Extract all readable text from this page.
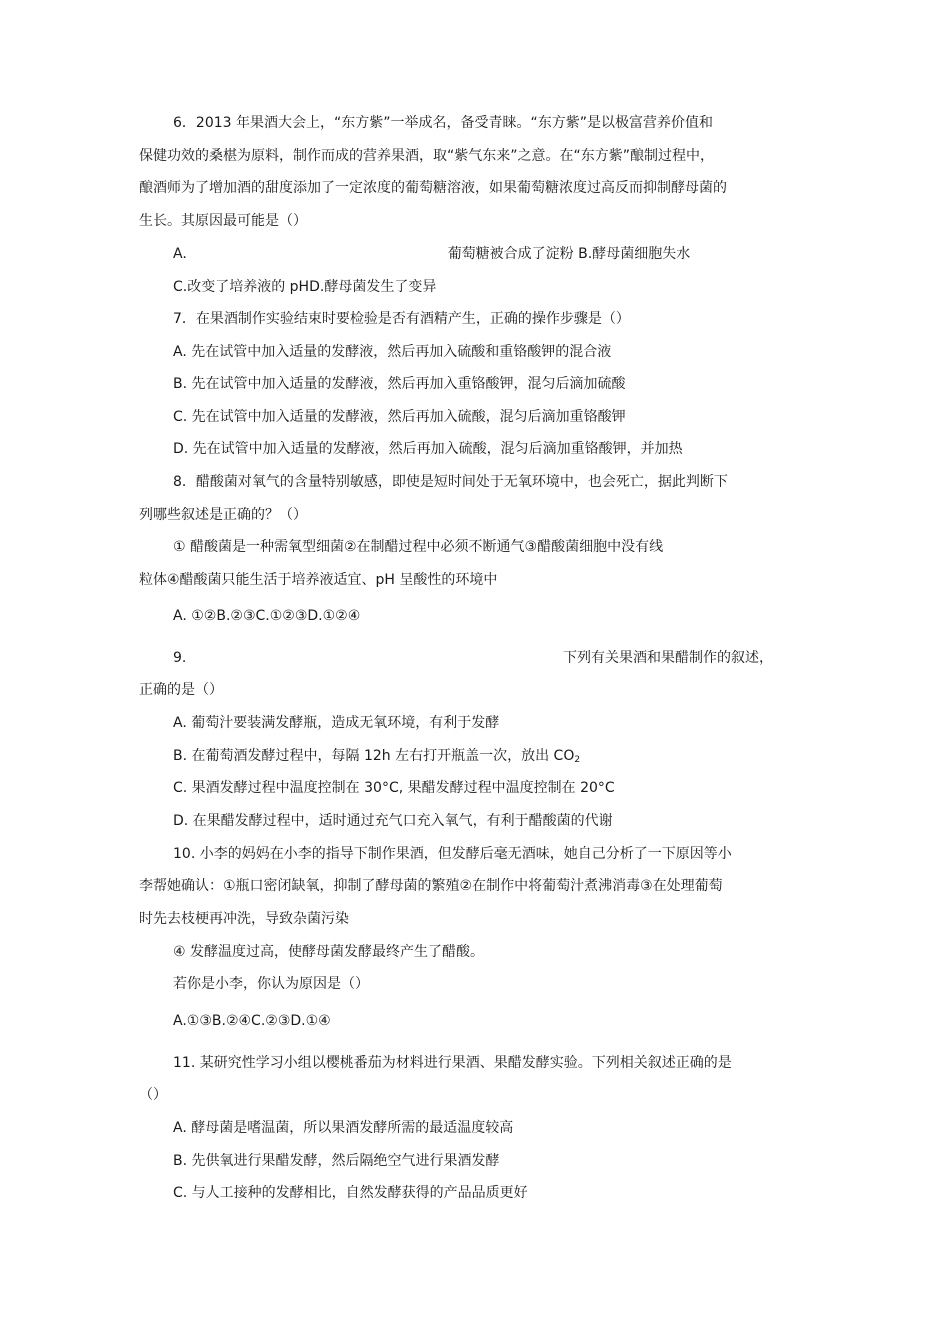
6．2013 年果酒大会上，“东方紫”一举成名，备受青睐。“东方紫”是以极富营养价值和
保健功效的桑椹为原料，制作而成的营养果酒，取“紫气东来”之意。在“东方紫”酿制过程中，
酿酒师为了增加酒的甜度添加了一定浓度的葡萄糖溶液，如果葡萄糖浓度过高反而抑制酵母菌的
生长。其原因最可能是（）
A.	葡萄糖被合成了淀粉 B.酵母菌细胞失水
C.改变了培养液的 pHD.酵母菌发生了变异
7．在果酒制作实验结束时要检验是否有酒精产生，正确的操作步骤是（）
A. 先在试管中加入适量的发酵液，然后再加入硫酸和重铬酸钾的混合液
B. 先在试管中加入适量的发酵液，然后再加入重铬酸钾，混匀后滴加硫酸
C. 先在试管中加入适量的发酵液，然后再加入硫酸，混匀后滴加重铬酸钾
D. 先在试管中加入适量的发酵液，然后再加入硫酸，混匀后滴加重铬酸钾，并加热
8．醋酸菌对氧气的含量特别敏感，即使是短时间处于无氧环境中，也会死亡，据此判断下
列哪些叙述是正确的？（）
① 醋酸菌是一种需氧型细菌②在制醋过程中必须不断通气③醋酸菌细胞中没有线
粒体④醋酸菌只能生活于培养液适宜、pH 呈酸性的环境中
A. ①②B.②③C.①②③D.①②④
9.	下列有关果酒和果醋制作的叙述，
正确的是（）
A. 葡萄汁要装满发酵瓶，造成无氧环境，有利于发酵
B. 在葡萄酒发酵过程中，每隔 12h 左右打开瓶盖一次，放出 $CO_2$
C. 果酒发酵过程中温度控制在 30°C, 果醋发酵过程中温度控制在 20°C
D. 在果醋发酵过程中，适时通过充气口充入氧气，有利于醋酸菌的代谢
10. 小李的妈妈在小李的指导下制作果酒，但发酵后毫无酒味，她自己分析了一下原因等小
李帮她确认：①瓶口密闭缺氧，抑制了酵母菌的繁殖②在制作中将葡萄汁煮沸消毒③在处理葡萄
时先去枝梗再冲洗，导致杂菌污染
④ 发酵温度过高，使酵母菌发酵最终产生了醋酸。
若你是小李，你认为原因是（）
A.①③B.②④C.②③D.①④
11. 某研究性学习小组以樱桃番茄为材料进行果酒、果醋发酵实验。下列相关叙述正确的是
（）
A. 酵母菌是嗜温菌，所以果酒发酵所需的最适温度较高
B. 先供氧进行果醋发酵，然后隔绝空气进行果酒发酵
C. 与人工接种的发酵相比，自然发酵获得的产品品质更好
